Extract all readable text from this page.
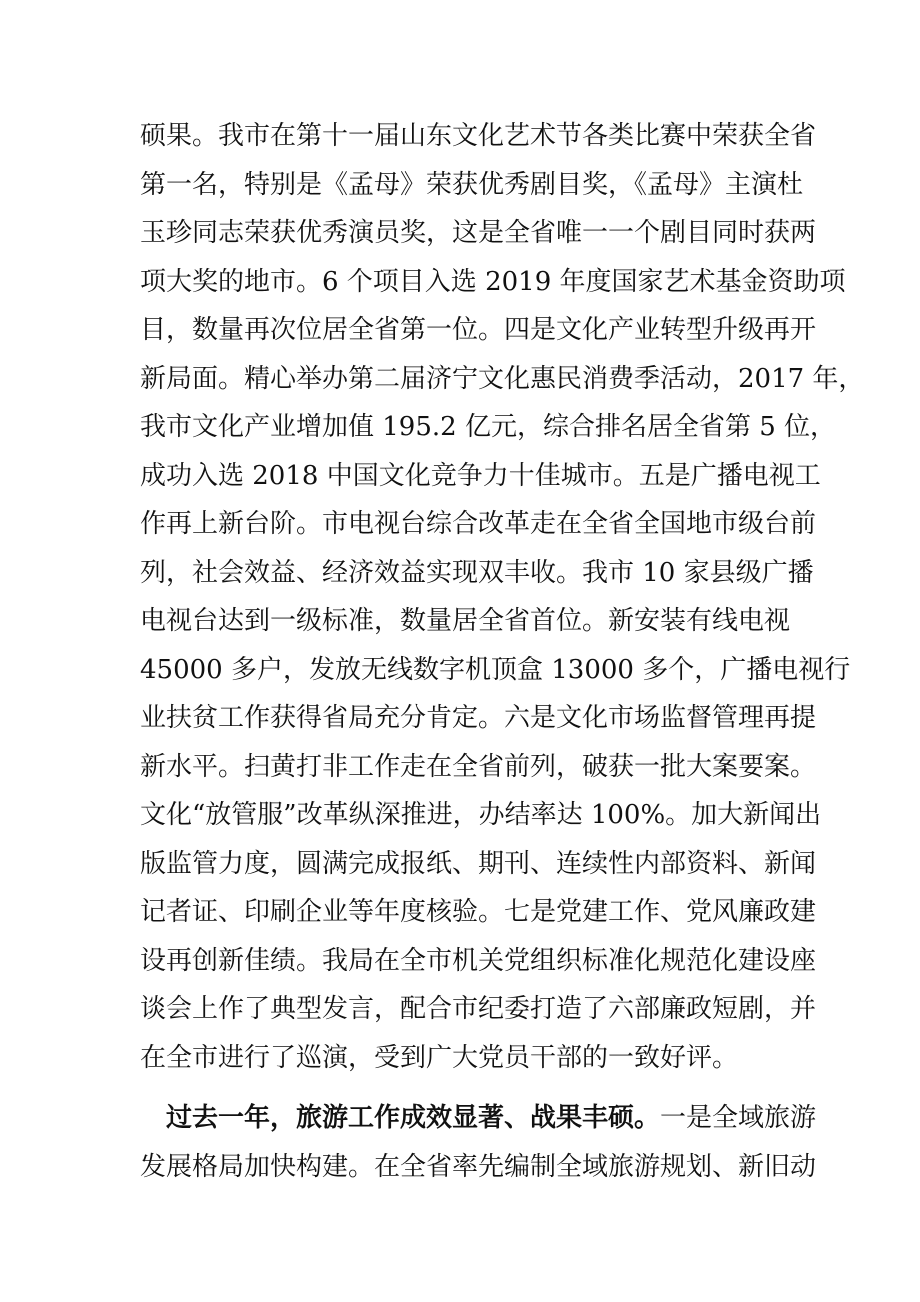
硕果。我市在第十一届山东文化艺术节各类比赛中荣获全省
第一名，特别是《孟母》荣获优秀剧目奖，《孟母》主演杜
玉珍同志荣获优秀演员奖，这是全省唯一一个剧目同时获两
项大奖的地市。6 个项目入选 2019 年度国家艺术基金资助项
目，数量再次位居全省第一位。四是文化产业转型升级再开
新局面。精心举办第二届济宁文化惠民消费季活动，2017 年，
我市文化产业增加值 195.2 亿元，综合排名居全省第 5 位，
成功入选 2018 中国文化竞争力十佳城市。五是广播电视工
作再上新台阶。市电视台综合改革走在全省全国地市级台前
列，社会效益、经济效益实现双丰收。我市 10 家县级广播
电视台达到一级标准，数量居全省首位。新安装有线电视
45000 多户，发放无线数字机顶盒 13000 多个，广播电视行
业扶贫工作获得省局充分肯定。六是文化市场监督管理再提
新水平。扫黄打非工作走在全省前列，破获一批大案要案。
文化“放管服”改革纵深推进，办结率达 100%。加大新闻出
版监管力度，圆满完成报纸、期刊、连续性内部资料、新闻
记者证、印刷企业等年度核验。七是党建工作、党风廉政建
设再创新佳绩。我局在全市机关党组织标准化规范化建设座
谈会上作了典型发言，配合市纪委打造了六部廉政短剧，并
在全市进行了巡演，受到广大党员干部的一致好评。
过去一年，旅游工作成效显著、战果丰硕。一是全域旅游
发展格局加快构建。在全省率先编制全域旅游规划、新旧动
